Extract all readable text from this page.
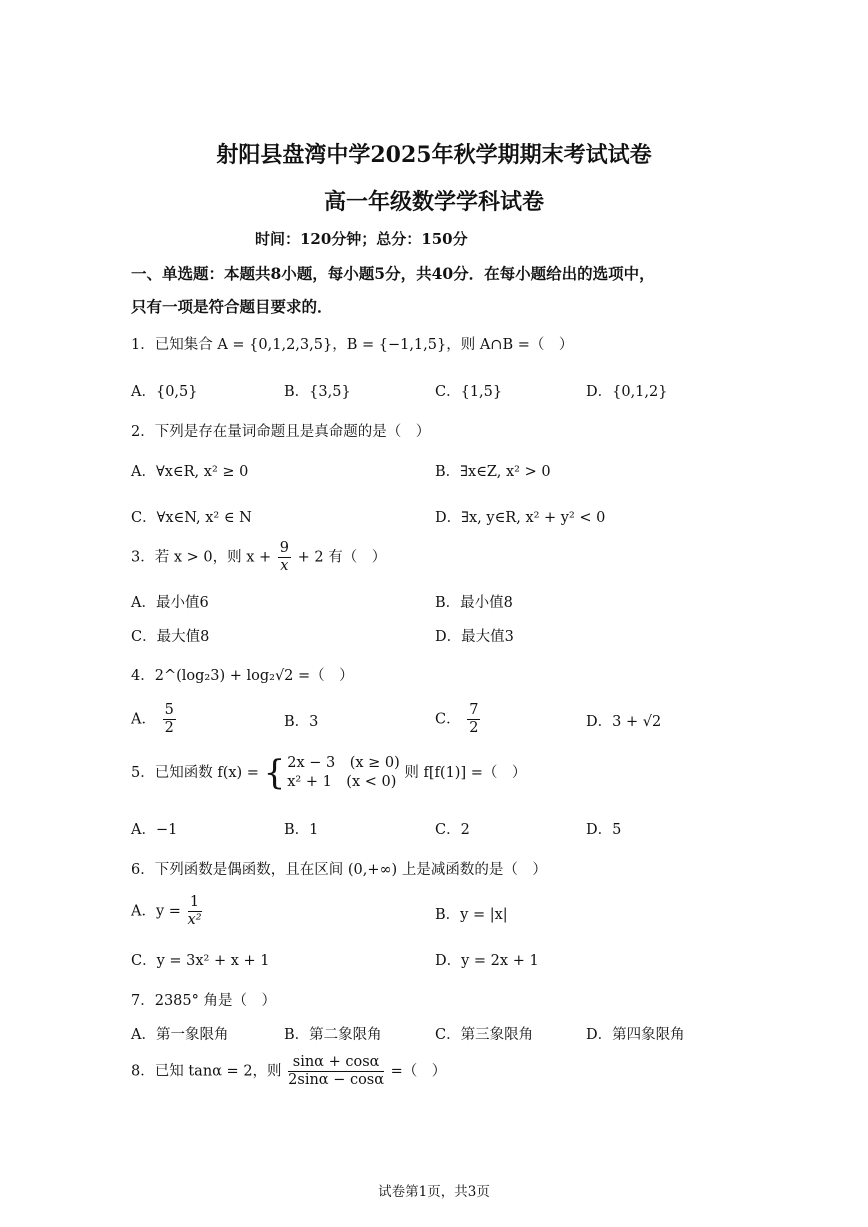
射阳县盘湾中学2025年秋学期期末考试试卷
高一年级数学学科试卷
时间：120分钟；总分：150分
一、单选题：本题共8小题，每小题5分，共40分．在每小题给出的选项中，
只有一项是符合题目要求的．
1．已知集合 A = {0,1,2,3,5}，B = {−1,1,5}，则 A∩B =（　）
A．{0,5}	B．{3,5}	C．{1,5}	D．{0,1,2}
2．下列是存在量词命题且是真命题的是（　）
A．∀x∈R, x² ≥ 0	B．∃x∈Z, x² > 0
C．∀x∈N, x² ∈ N	D．∃x, y∈R, x² + y² < 0
3．若 x > 0，则 $x + \frac{9}{x} + 2$ 有（　）
A．最小值6	B．最小值8
C．最大值8	D．最大值3
4．2^(log₂3) + log₂√2 =（　）
A． $\frac{5}{2}$	B．3	C． $\frac{7}{2}$	D．3 + √2
5．已知函数 f(x) = { 2x − 3　(x ≥ 0)
x² + 1　(x < 0)
则 f[f(1)] =（　）
A．−1	B．1	C．2	D．5
6．下列函数是偶函数，且在区间 (0,+∞) 上是减函数的是（　）
A．$y = \frac{1}{\text{x²}}$	B．y = |x|
C．y = 3x² + x + 1	D．y = 2x + 1
7．2385° 角是（　）
A．第一象限角	B．第二象限角	C．第三象限角	D．第四象限角
8．已知 tanα = 2，则 $\frac{\sin\alpha + \cos\alpha}{2\sin\alpha - \cos\alpha}$ =（　）
试卷第1页，共3页
